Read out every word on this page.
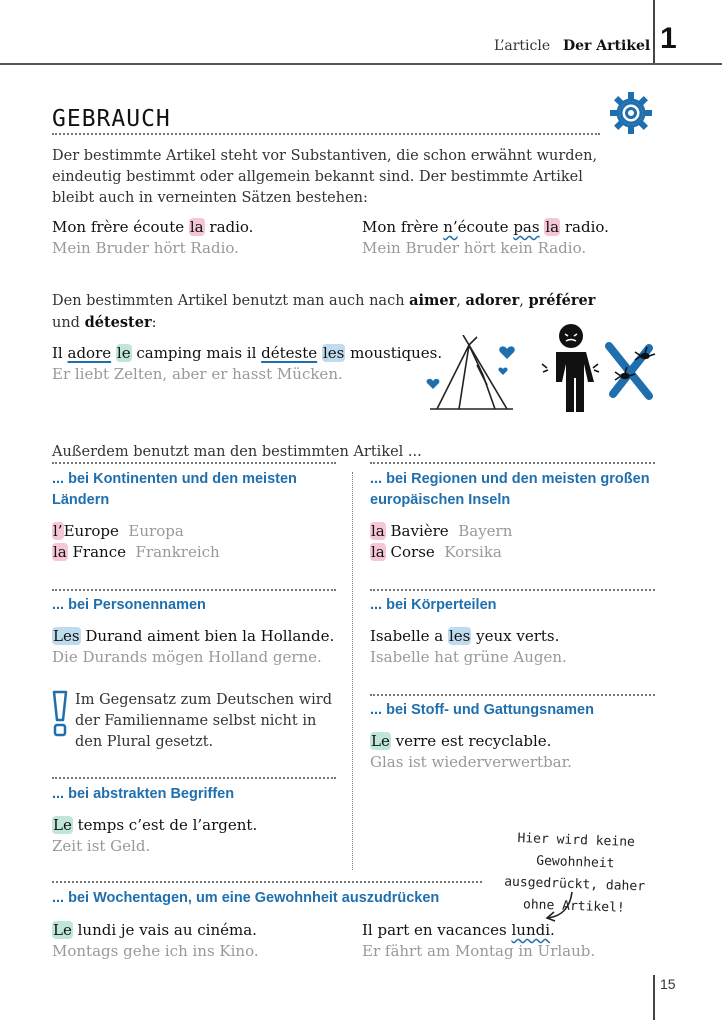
L’article Der Artikel 1
GEBRAUCH
Der bestimmte Artikel steht vor Substantiven, die schon erwähnt wurden, eindeutig bestimmt oder allgemein bekannt sind. Der bestimmte Artikel bleibt auch in verneinten Sätzen bestehen:
Mon frère écoute la radio.
Mein Bruder hört Radio.
Mon frère n’écoute pas la radio.
Mein Bruder hört kein Radio.
Den bestimmten Artikel benutzt man auch nach aimer, adorer, préférer und détester:
Il adore le camping mais il déteste les moustiques.
Er liebt Zelten, aber er hasst Mücken.
Außerdem benutzt man den bestimmten Artikel ...
... bei Kontinenten und den meisten Ländern
l’Europe Europa
la France Frankreich
... bei Personennamen
Les Durand aiment bien la Hollande.
Die Durands mögen Holland gerne.
Im Gegensatz zum Deutschen wird der Familienname selbst nicht in den Plural gesetzt.
... bei abstrakten Begriffen
Le temps c’est de l’argent.
Zeit ist Geld.
... bei Regionen und den meisten großen europäischen Inseln
la Bavière Bayern
la Corse Korsika
... bei Körperteilen
Isabelle a les yeux verts.
Isabelle hat grüne Augen.
... bei Stoff- und Gattungsnamen
Le verre est recyclable.
Glas ist wiederverwertbar.
... bei Wochentagen, um eine Gewohnheit auszudrücken
Le lundi je vais au cinéma.
Montags gehe ich ins Kino.
Il part en vacances lundi.
Er fährt am Montag in Urlaub.
Hier wird keine Gewohnheit ausgedrückt, daher ohne Artikel!
15
